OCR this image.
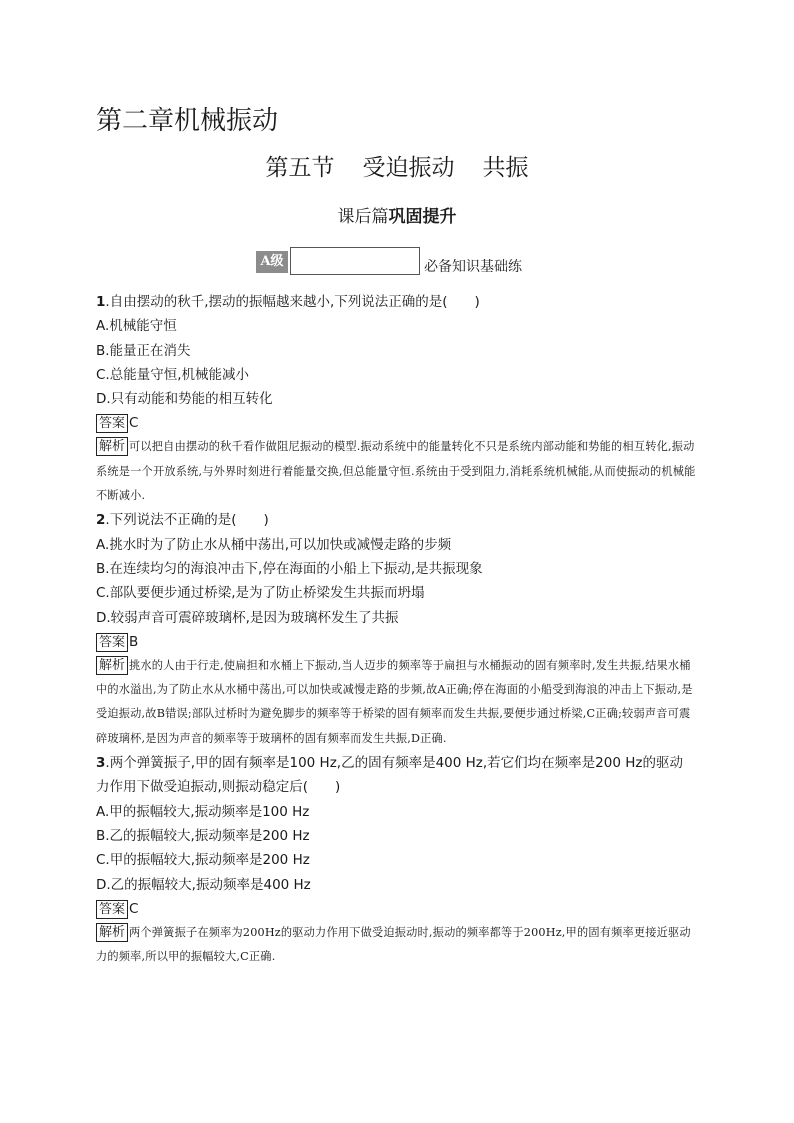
第二章机械振动
第五节 受迫振动 共振
课后篇巩固提升
A级	必备知识基础练

1.自由摆动的秋千,摆动的振幅越来越小,下列说法正确的是(　　)

A.机械能守恒

B.能量正在消失

C.总能量守恒,机械能减小

D.只有动能和势能的相互转化

答案 C

解析 可以把自由摆动的秋千看作做阻尼振动的模型.振动系统中的能量转化不只是系统内部动能和势能的相互转化,振动系统是一个开放系统,与外界时刻进行着能量交换,但总能量守恒.系统由于受到阻力,消耗系统机械能,从而使振动的机械能不断减小.

2.下列说法不正确的是(　　)

A.挑水时为了防止水从桶中荡出,可以加快或减慢走路的步频

B.在连续均匀的海浪冲击下,停在海面的小船上下振动,是共振现象

C.部队要便步通过桥梁,是为了防止桥梁发生共振而坍塌

D.较弱声音可震碎玻璃杯,是因为玻璃杯发生了共振

答案 B

解析 挑水的人由于行走,使扁担和水桶上下振动,当人迈步的频率等于扁担与水桶振动的固有频率时,发生共振,结果水桶中的水溢出,为了防止水从水桶中荡出,可以加快或减慢走路的步频,故A正确;停在海面的小船受到海浪的冲击上下振动,是受迫振动,故B错误;部队过桥时为避免脚步的频率等于桥梁的固有频率而发生共振,要便步通过桥梁,C正确;较弱声音可震碎玻璃杯,是因为声音的频率等于玻璃杯的固有频率而发生共振,D正确.

3.两个弹簧振子,甲的固有频率是100 Hz,乙的固有频率是400 Hz,若它们均在频率是200 Hz的驱动力作用下做受迫振动,则振动稳定后(　　)

A.甲的振幅较大,振动频率是100 Hz

B.乙的振幅较大,振动频率是200 Hz

C.甲的振幅较大,振动频率是200 Hz

D.乙的振幅较大,振动频率是400 Hz

答案 C

解析 两个弹簧振子在频率为200Hz的驱动力作用下做受迫振动时,振动的频率都等于200Hz,甲的固有频率更接近驱动力的频率,所以甲的振幅较大,C正确.
